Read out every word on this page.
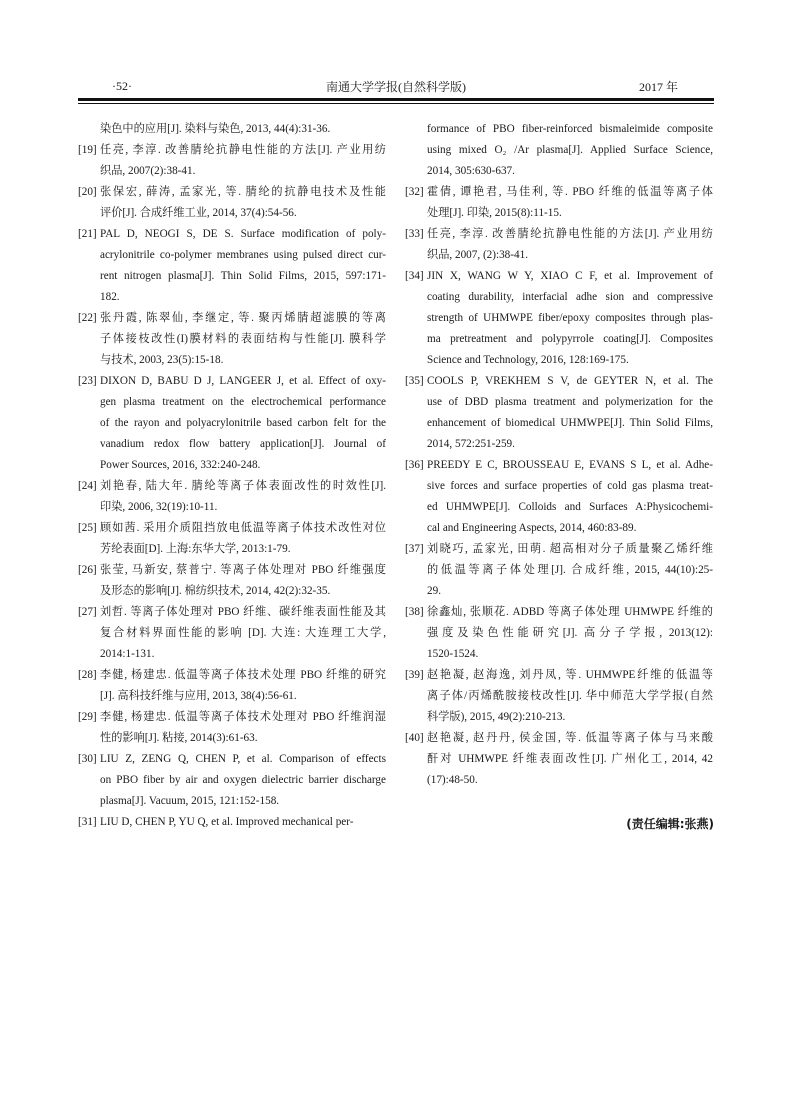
·52·	南通大学学报(自然科学版)	2017 年
染色中的应用[J]. 染料与染色, 2013, 44(4):31-36.
[19] 任亮, 李淳. 改善腈纶抗静电性能的方法[J]. 产业用纺
织品, 2007(2):38-41.
[20] 张保宏, 薛涛, 孟家光, 等. 腈纶的抗静电技术及性能
评价[J]. 合成纤维工业, 2014, 37(4):54-56.
[21] PAL D, NEOGI S, DE S. Surface modification of poly-
acrylonitrile co-polymer membranes using pulsed direct cur-
rent nitrogen plasma[J]. Thin Solid Films, 2015, 597:171-
182.
[22] 张丹霞, 陈翠仙, 李继定, 等. 聚丙烯腈超滤膜的等离
子体接枝改性(I)膜材料的表面结构与性能[J]. 膜科学
与技术, 2003, 23(5):15-18.
[23] DIXON D, BABU D J, LANGEER J, et al. Effect of oxy-
gen plasma treatment on the electrochemical performance
of the rayon and polyacrylonitrile based carbon felt for the
vanadium redox flow battery application[J]. Journal of
Power Sources, 2016, 332:240-248.
[24] 刘艳春, 陆大年. 腈纶等离子体表面改性的时效性[J].
印染, 2006, 32(19):10-11.
[25] 顾如茜. 采用介质阻挡放电低温等离子体技术改性对位
芳纶表面[D]. 上海:东华大学, 2013:1-79.
[26] 张莹, 马新安, 蔡普宁. 等离子体处理对 PBO 纤维强度
及形态的影响[J]. 棉纺织技术, 2014, 42(2):32-35.
[27] 刘哲. 等离子体处理对 PBO 纤维、碳纤维表面性能及其
复合材料界面性能的影响 [D]. 大连: 大连理工大学,
2014:1-131.
[28] 李健, 杨建忠. 低温等离子体技术处理 PBO 纤维的研究
[J]. 高科技纤维与应用, 2013, 38(4):56-61.
[29] 李健, 杨建忠. 低温等离子体技术处理对 PBO 纤维润湿
性的影响[J]. 粘接, 2014(3):61-63.
[30] LIU Z, ZENG Q, CHEN P, et al. Comparison of effects
on PBO fiber by air and oxygen dielectric barrier discharge
plasma[J]. Vacuum, 2015, 121:152-158.
[31] LIU D, CHEN P, YU Q, et al. Improved mechanical per-
formance of PBO fiber-reinforced bismaleimide composite
using mixed O₂ /Ar plasma[J]. Applied Surface Science,
2014, 305:630-637.
[32] 霍倩, 谭艳君, 马佳利, 等. PBO 纤维的低温等离子体
处理[J]. 印染, 2015(8):11-15.
[33] 任亮, 李淳. 改善腈纶抗静电性能的方法[J]. 产业用纺
织品, 2007, (2):38-41.
[34] JIN X, WANG W Y, XIAO C F, et al. Improvement of
coating durability, interfacial adhe sion and compressive
strength of UHMWPE fiber/epoxy composites through plas-
ma pretreatment and polypyrrole coating[J]. Composites
Science and Technology, 2016, 128:169-175.
[35] COOLS P, VREKHEM S V, de GEYTER N, et al. The
use of DBD plasma treatment and polymerization for the
enhancement of biomedical UHMWPE[J]. Thin Solid Films,
2014, 572:251-259.
[36] PREEDY E C, BROUSSEAU E, EVANS S L, et al. Adhe-
sive forces and surface properties of cold gas plasma treat-
ed UHMWPE[J]. Colloids and Surfaces A:Physicochemi-
cal and Engineering Aspects, 2014, 460:83-89.
[37] 刘晓巧, 孟家光, 田萌. 超高相对分子质量聚乙烯纤维
的低温等离子体处理[J]. 合成纤维, 2015, 44(10):25-
29.
[38] 徐鑫灿, 张顺花. ADBD 等离子体处理 UHMWPE 纤维的
强度及染色性能研究[J]. 高分子学报, 2013(12):
1520-1524.
[39] 赵艳凝, 赵海逸, 刘丹凤, 等. UHMWPE纤维的低温等
离子体/丙烯酰胺接枝改性[J]. 华中师范大学学报(自然
科学版), 2015, 49(2):210-213.
[40] 赵艳凝, 赵丹丹, 侯金国, 等. 低温等离子体与马来酸
酐对 UHMWPE 纤维表面改性[J]. 广州化工, 2014, 42
(17):48-50.
(责任编辑:张燕)
